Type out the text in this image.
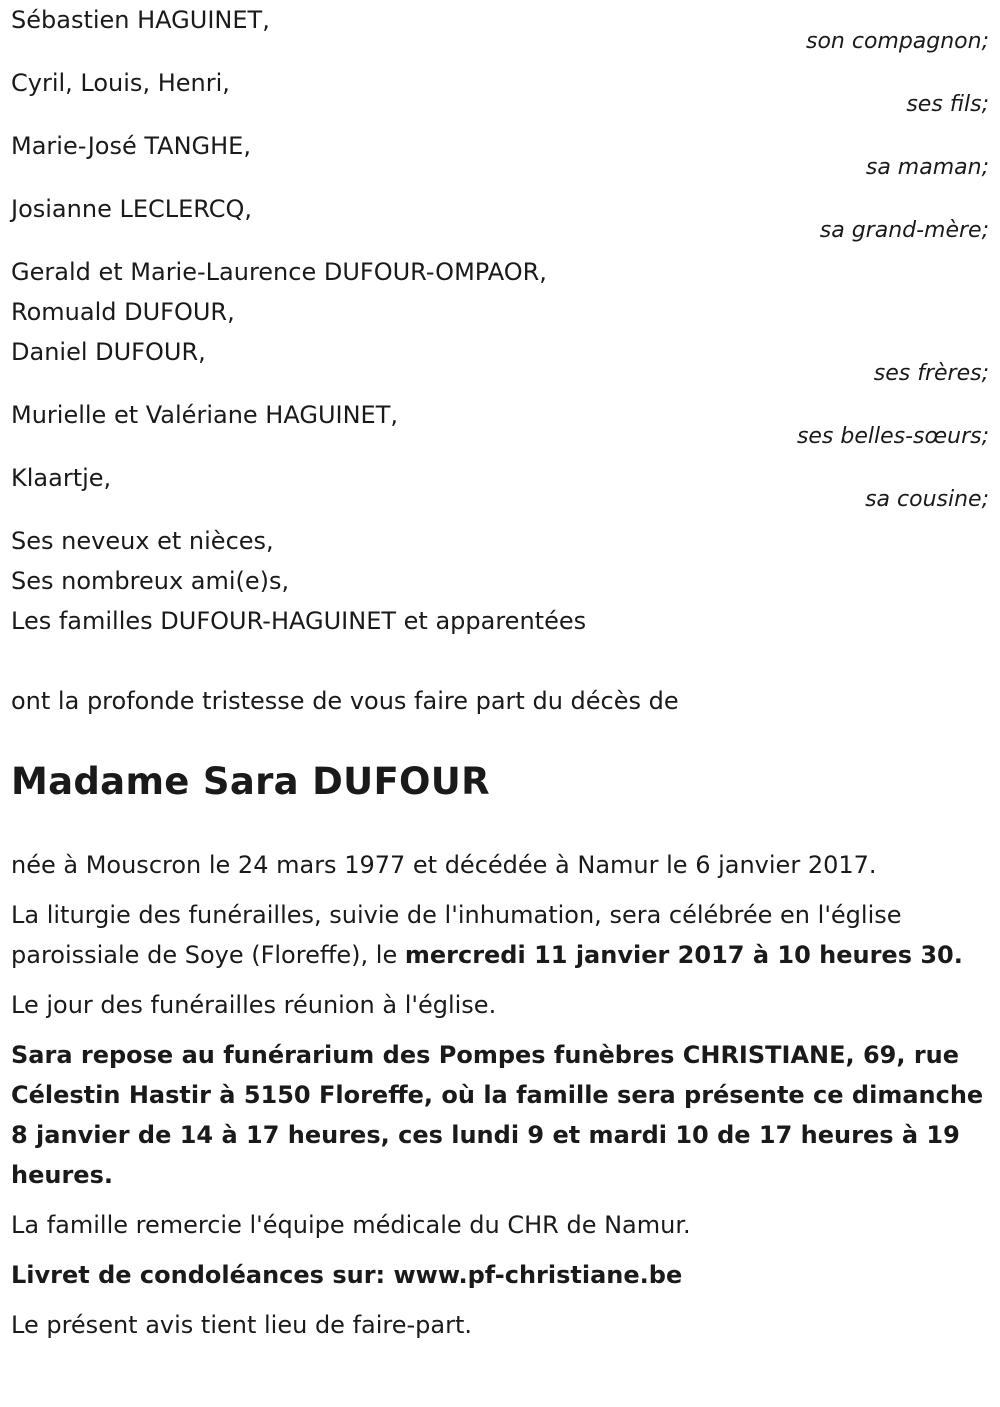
Sébastien HAGUINET,
son compagnon;
Cyril, Louis, Henri,
ses fils;
Marie-José TANGHE,
sa maman;
Josianne LECLERCQ,
sa grand-mère;
Gerald et Marie-Laurence DUFOUR-OMPAOR,
Romuald DUFOUR,
Daniel DUFOUR,
ses frères;
Murielle et Valériane HAGUINET,
ses belles-sœurs;
Klaartje,
sa cousine;
Ses neveux et nièces,
Ses nombreux ami(e)s,
Les familles DUFOUR-HAGUINET et apparentées
ont la profonde tristesse de vous faire part du décès de
Madame Sara DUFOUR
née à Mouscron le 24 mars 1977 et décédée à Namur le 6 janvier 2017.
La liturgie des funérailles, suivie de l'inhumation, sera célébrée en l'église paroissiale de Soye (Floreffe), le mercredi 11 janvier 2017 à 10 heures 30.
Le jour des funérailles réunion à l'église.
Sara repose au funérarium des Pompes funèbres CHRISTIANE, 69, rue Célestin Hastir à 5150 Floreffe, où la famille sera présente ce dimanche 8 janvier de 14 à 17 heures, ces lundi 9 et mardi 10 de 17 heures à 19 heures.
La famille remercie l'équipe médicale du CHR de Namur.
Livret de condoléances sur: www.pf-christiane.be
Le présent avis tient lieu de faire-part.
